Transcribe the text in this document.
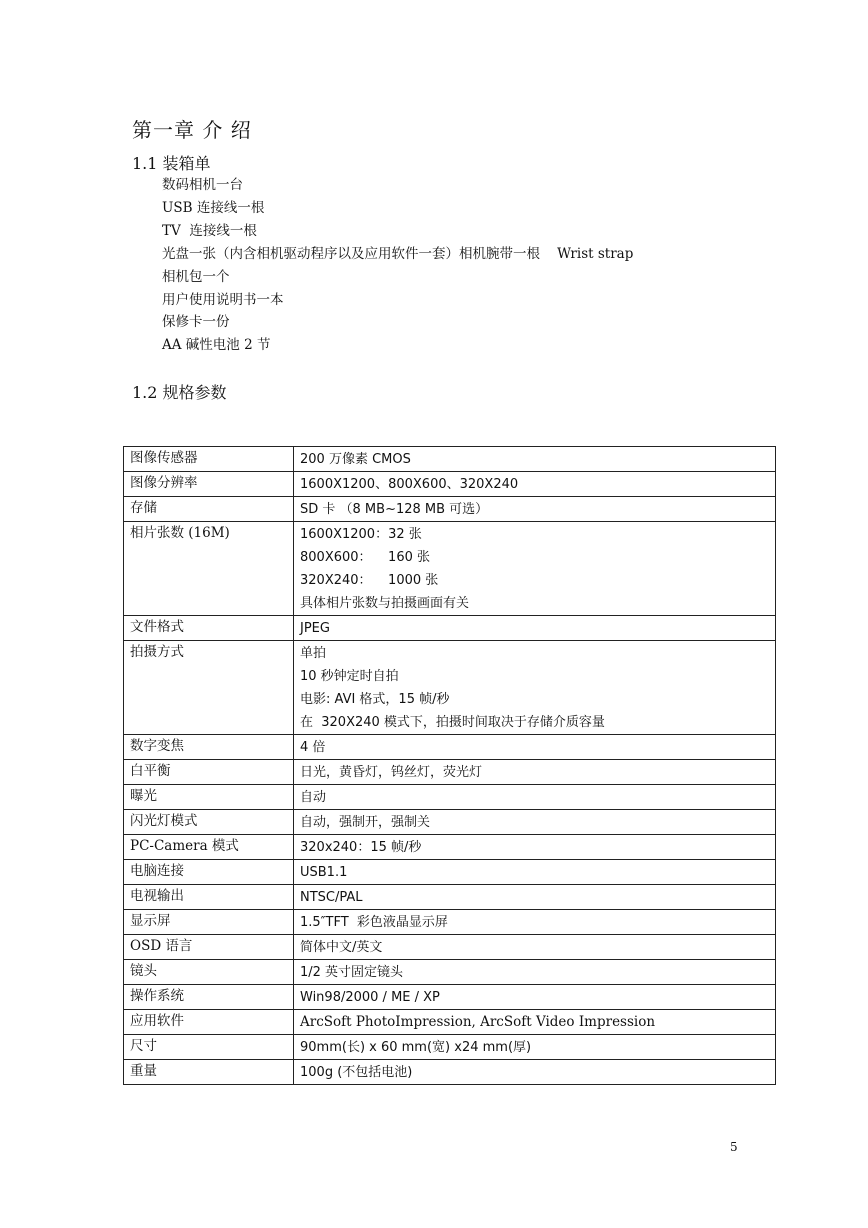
第一章 介 绍
1.1 装箱单
数码相机一台
USB 连接线一根
TV  连接线一根
光盘一张（内含相机驱动程序以及应用软件一套）相机腕带一根    Wrist strap
相机包一个
用户使用说明书一本
保修卡一份
AA 碱性电池 2 节
1.2 规格参数
图像传感器	200 万像素 CMOS

图像分辨率	1600X1200、800X600、320X240

存储	SD 卡 （8 MB~128 MB 可选）

相片张数 (16M)	1600X1200：32 张
800X600：    160 张
320X240：    1000 张
具体相片张数与拍摄画面有关

文件格式	JPEG

拍摄方式	单拍
10 秒钟定时自拍
电影: AVI 格式，15 帧/秒
在  320X240 模式下，拍摄时间取决于存储介质容量

数字变焦	4 倍

白平衡	日光，黄昏灯，钨丝灯，荧光灯

曝光	自动

闪光灯模式	自动，强制开，强制关

PC-Camera 模式	320x240：15 帧/秒

电脑连接	USB1.1

电视输出	NTSC/PAL

显示屏	1.5″TFT  彩色液晶显示屏

OSD 语言	简体中文/英文

镜头	1/2 英寸固定镜头

操作系统	Win98/2000 / ME / XP

应用软件	ArcSoft PhotoImpression, ArcSoft Video Impression

尺寸	90mm(长) x 60 mm(宽) x24 mm(厚)

重量	100g (不包括电池)
5
